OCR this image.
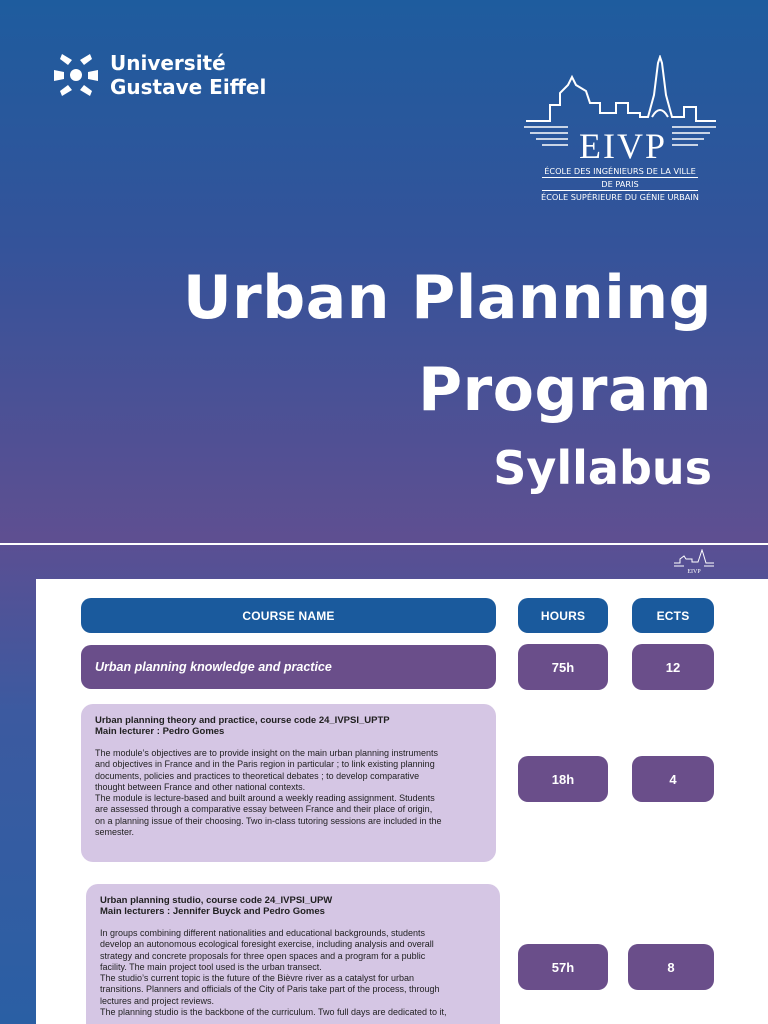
Université
Gustave Eiffel
EIVP
ÉCOLE DES INGÉNIEURS DE LA VILLE
DE PARIS
ÉCOLE SUPÉRIEURE DU GÉNIE URBAIN
Urban Planning
Program
Syllabus
EIVP
COURSE NAME	HOURS	ECTS
Urban planning knowledge and practice	75h	12
Urban planning theory and practice, course code 24_IVPSI_UPTP
Main lecturer : Pedro Gomes
The module’s objectives are to provide insight on the main urban planning instruments
and objectives in France and in the Paris region in particular ; to link existing planning
documents, policies and practices to theoretical debates ; to develop comparative
thought between France and other national contexts.
The module is lecture-based and built around a weekly reading assignment. Students
are assessed through a comparative essay between France and their place of origin,
on a planning issue of their choosing. Two in-class tutoring sessions are included in the
semester.
18h	4
Urban planning studio, course code 24_IVPSI_UPW
Main lecturers : Jennifer Buyck and Pedro Gomes
In groups combining different nationalities and educational backgrounds, students
develop an autonomous ecological foresight exercise, including analysis and overall
strategy and concrete proposals for three open spaces and a program for a public
facility. The main project tool used is the urban transect.
The studio’s current topic is the future of the Bièvre river as a catalyst for urban
transitions. Planners and officials of the City of Paris take part of the process, through
lectures and project reviews.
The planning studio is the backbone of the curriculum. Two full days are dedicated to it,
57h	8
